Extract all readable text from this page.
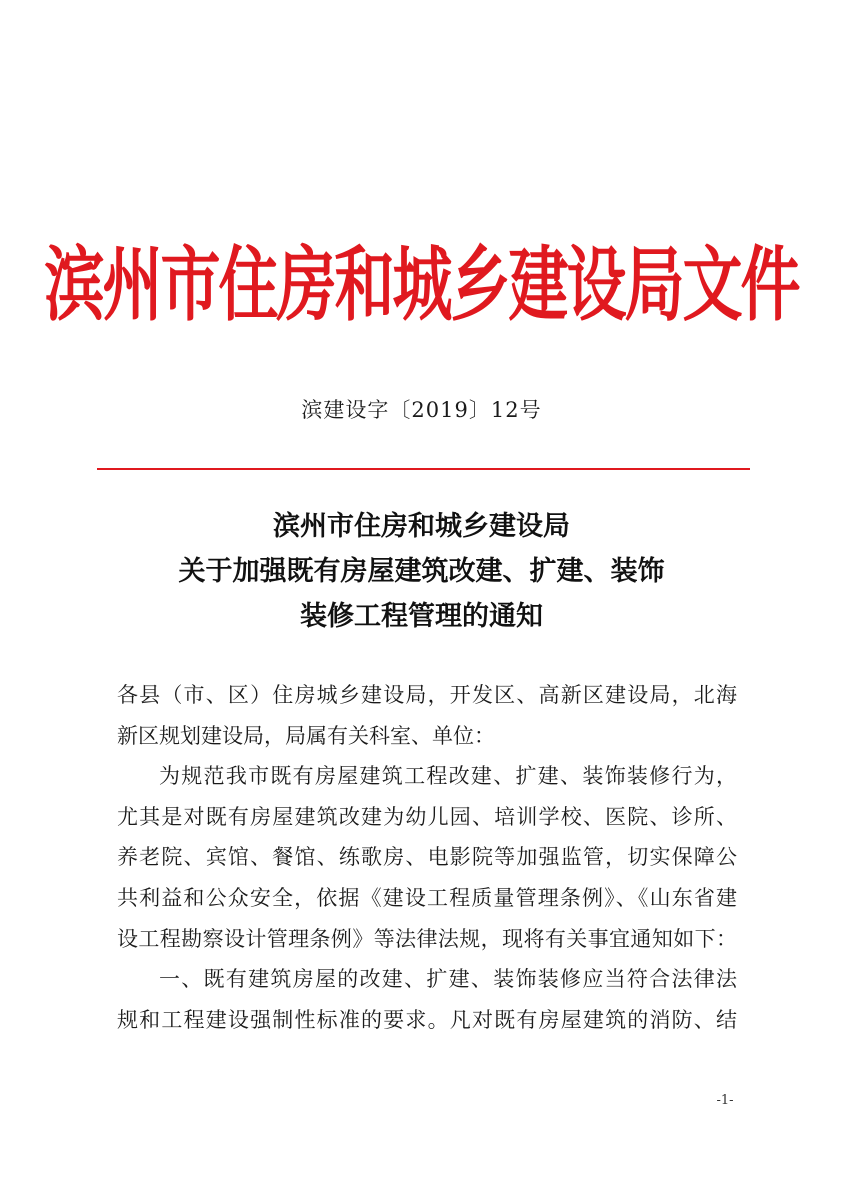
滨州市住房和城乡建设局文件
滨建设字〔2019〕12号
滨州市住房和城乡建设局
关于加强既有房屋建筑改建、扩建、装饰
装修工程管理的通知
各县（市、区）住房城乡建设局，开发区、高新区建设局，北海
新区规划建设局，局属有关科室、单位：
为规范我市既有房屋建筑工程改建、扩建、装饰装修行为，
尤其是对既有房屋建筑改建为幼儿园、培训学校、医院、诊所、
养老院、宾馆、餐馆、练歌房、电影院等加强监管，切实保障公
共利益和公众安全，依据《建设工程质量管理条例》、《山东省建
设工程勘察设计管理条例》等法律法规，现将有关事宜通知如下：
一、既有建筑房屋的改建、扩建、装饰装修应当符合法律法
规和工程建设强制性标准的要求。凡对既有房屋建筑的消防、结
-1-
